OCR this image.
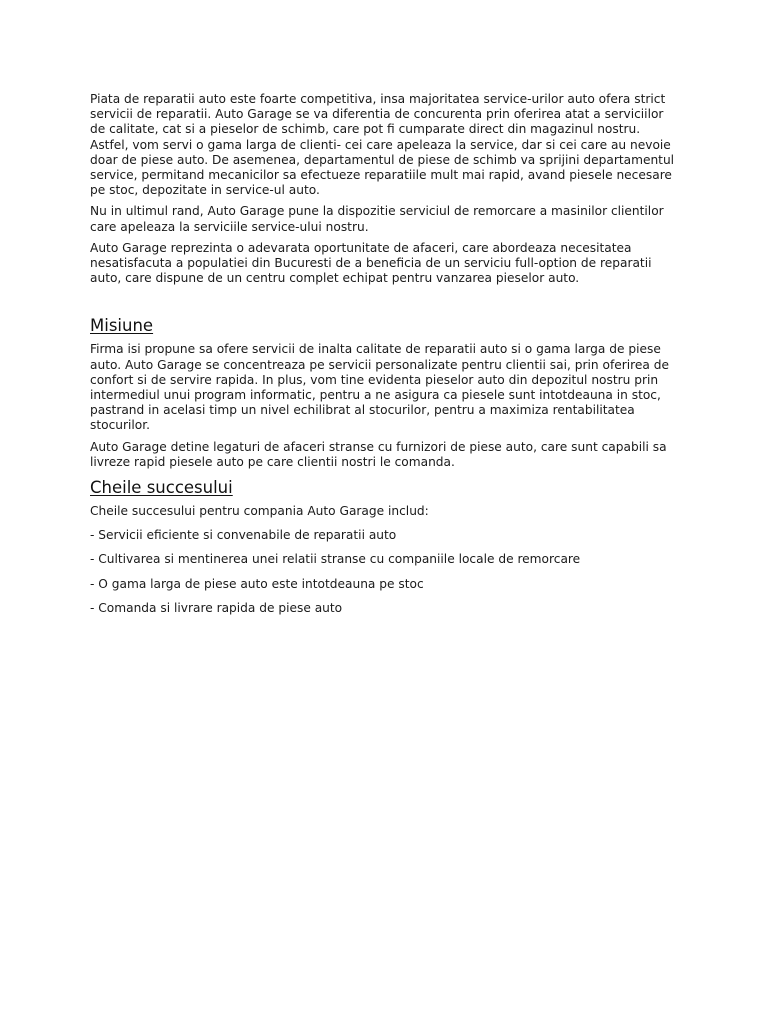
Piata de reparatii auto este foarte competitiva, insa majoritatea service-urilor auto ofera strict servicii de reparatii. Auto Garage se va diferentia de concurenta prin oferirea atat a serviciilor de calitate, cat si a pieselor de schimb, care pot fi cumparate direct din magazinul nostru. Astfel, vom servi o gama larga de clienti- cei care apeleaza la service, dar si cei care au nevoie doar de piese auto. De asemenea, departamentul de piese de schimb va sprijini departamentul service, permitand mecanicilor sa efectueze reparatiile mult mai rapid, avand piesele necesare pe stoc, depozitate in service-ul auto.

Nu in ultimul rand, Auto Garage pune la dispozitie serviciul de remorcare a masinilor clientilor care apeleaza la serviciile service-ului nostru.

Auto Garage reprezinta o adevarata oportunitate de afaceri, care abordeaza necesitatea nesatisfacuta a populatiei din Bucuresti de a beneficia de un serviciu full-option de reparatii auto, care dispune de un centru complet echipat pentru vanzarea pieselor auto.

Misiune

Firma isi propune sa ofere servicii de inalta calitate de reparatii auto si o gama larga de piese auto. Auto Garage se concentreaza pe servicii personalizate pentru clientii sai, prin oferirea de confort si de servire rapida. In plus, vom tine evidenta pieselor auto din depozitul nostru prin intermediul unui program informatic, pentru a ne asigura ca piesele sunt intotdeauna in stoc, pastrand in acelasi timp un nivel echilibrat al stocurilor, pentru a maximiza rentabilitatea stocurilor.

Auto Garage detine legaturi de afaceri stranse cu furnizori de piese auto, care sunt capabili sa livreze rapid piesele auto pe care clientii nostri le comanda.

Cheile succesului

Cheile succesului pentru compania Auto Garage includ:

- Servicii eficiente si convenabile de reparatii auto

- Cultivarea si mentinerea unei relatii stranse cu companiile locale de remorcare

- O gama larga de piese auto este intotdeauna pe stoc

- Comanda si livrare rapida de piese auto
